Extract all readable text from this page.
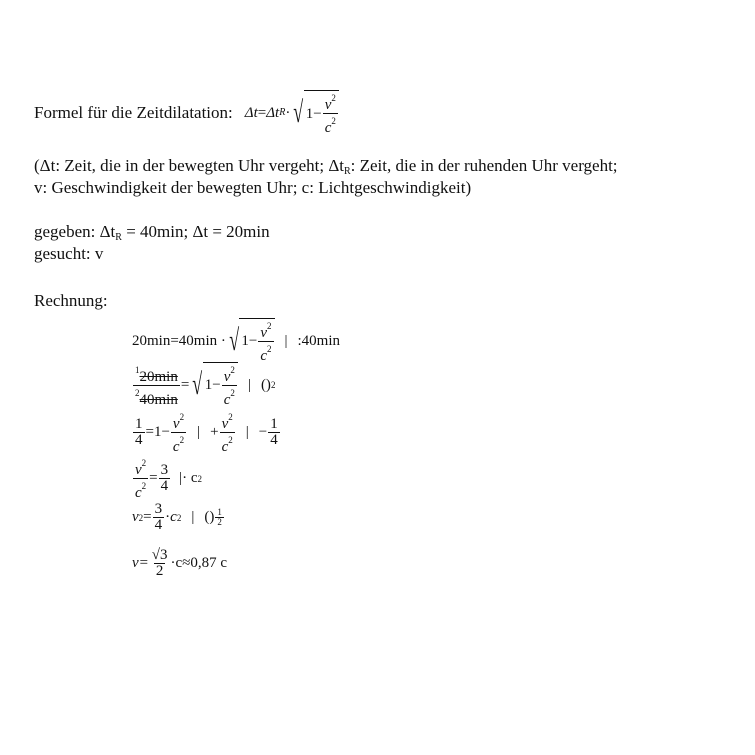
Formel für die Zeitdilatation: Δt = Δt R · √ $1- \frac{v^2}{c^2}$
(Δt: Zeit, die in der bewegten Uhr vergeht; $\Delta t_R$: Zeit, die in der ruhenden Uhr vergeht;
v: Geschwindigkeit der bewegten Uhr; c: Lichtgeschwindigkeit)
gegeben: $\Delta t_R = 40\min$; Δt = 20min
gesucht: v
Rechnung:
20min =40min · √ $1- \frac{v^2}{c^2}$ | :40min
$\frac{^120\min}{^240\min}$ = √ $1- \frac{v^2}{c^2}$ | () 2
$\frac{1}{4} =1- \frac{v^2}{c^2}$ | + $\frac{v^2}{c^2}$ | − $\frac{1}{4}$
$\frac{v^2}{c^2} = \frac{3}{4}$ |· c 2
v $2 = \frac{3}{4} \cdot c$ 2 | () $\frac{1}{2}$
$v= \frac{√3}{2} \cdot c\approx 0,87$ c
